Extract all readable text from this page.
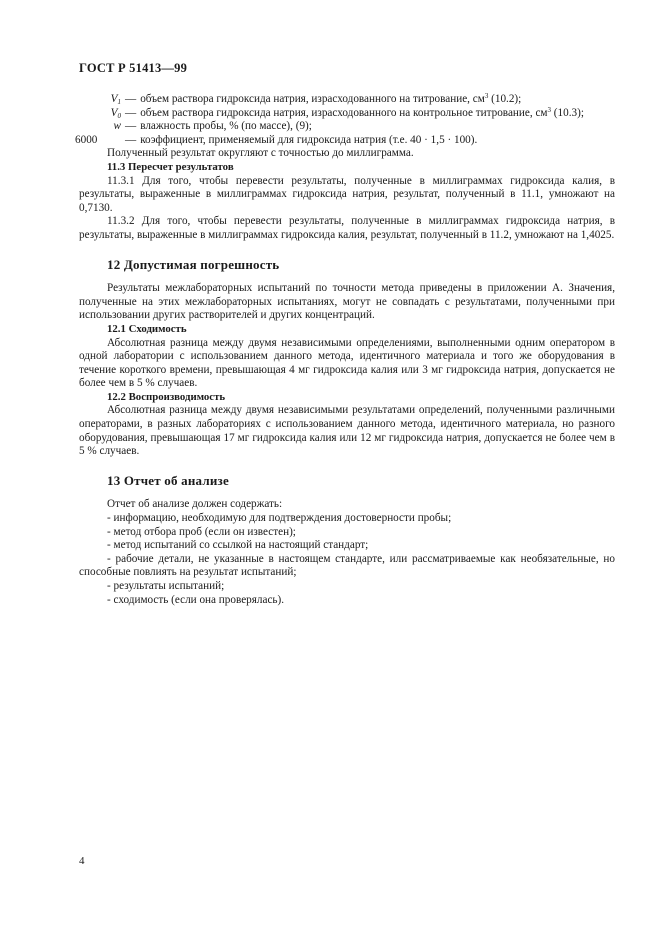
ГОСТ Р 51413—99
$V_1$ — объем раствора гидроксида натрия, израсходованного на титрование, $см^3$ (10.2);
$V_0$ — объем раствора гидроксида натрия, израсходованного на контрольное титрование, $см^3$ (10.3);
w — влажность пробы, % (по массе), (9);
6000	— коэффициент, применяемый для гидроксида натрия (т.е. 40 · 1,5 · 100).

Полученный результат округляют с точностью до миллиграмма.

11.3 Пересчет результатов

11.3.1 Для того, чтобы перевести результаты, полученные в миллиграммах гидроксида калия, в результаты, выраженные в миллиграммах гидроксида натрия, результат, полученный в 11.1, умножают на 0,7130.

11.3.2 Для того, чтобы перевести результаты, полученные в миллиграммах гидроксида натрия, в результаты, выраженные в миллиграммах гидроксида калия, результат, полученный в 11.2, умножают на 1,4025.

12 Допустимая погрешность

Результаты межлабораторных испытаний по точности метода приведены в приложении А. Значения, полученные на этих межлабораторных испытаниях, могут не совпадать с результатами, полученными при использовании других растворителей и других концентраций.

12.1 Сходимость

Абсолютная разница между двумя независимыми определениями, выполненными одним оператором в одной лаборатории с использованием данного метода, идентичного материала и того же оборудования в течение короткого времени, превышающая 4 мг гидроксида калия или 3 мг гидроксида натрия, допускается не более чем в 5 % случаев.

12.2 Воспроизводимость

Абсолютная разница между двумя независимыми результатами определений, полученными различными операторами, в разных лабораториях с использованием данного метода, идентичного материала, но разного оборудования, превышающая 17 мг гидроксида калия или 12 мг гидроксида натрия, допускается не более чем в 5 % случаев.

13 Отчет об анализе

Отчет об анализе должен содержать:

- информацию, необходимую для подтверждения достоверности пробы;

- метод отбора проб (если он известен);

- метод испытаний со ссылкой на настоящий стандарт;

- рабочие детали, не указанные в настоящем стандарте, или рассматриваемые как необязательные, но способные повлиять на результат испытаний;

- результаты испытаний;

- сходимость (если она проверялась).

4
